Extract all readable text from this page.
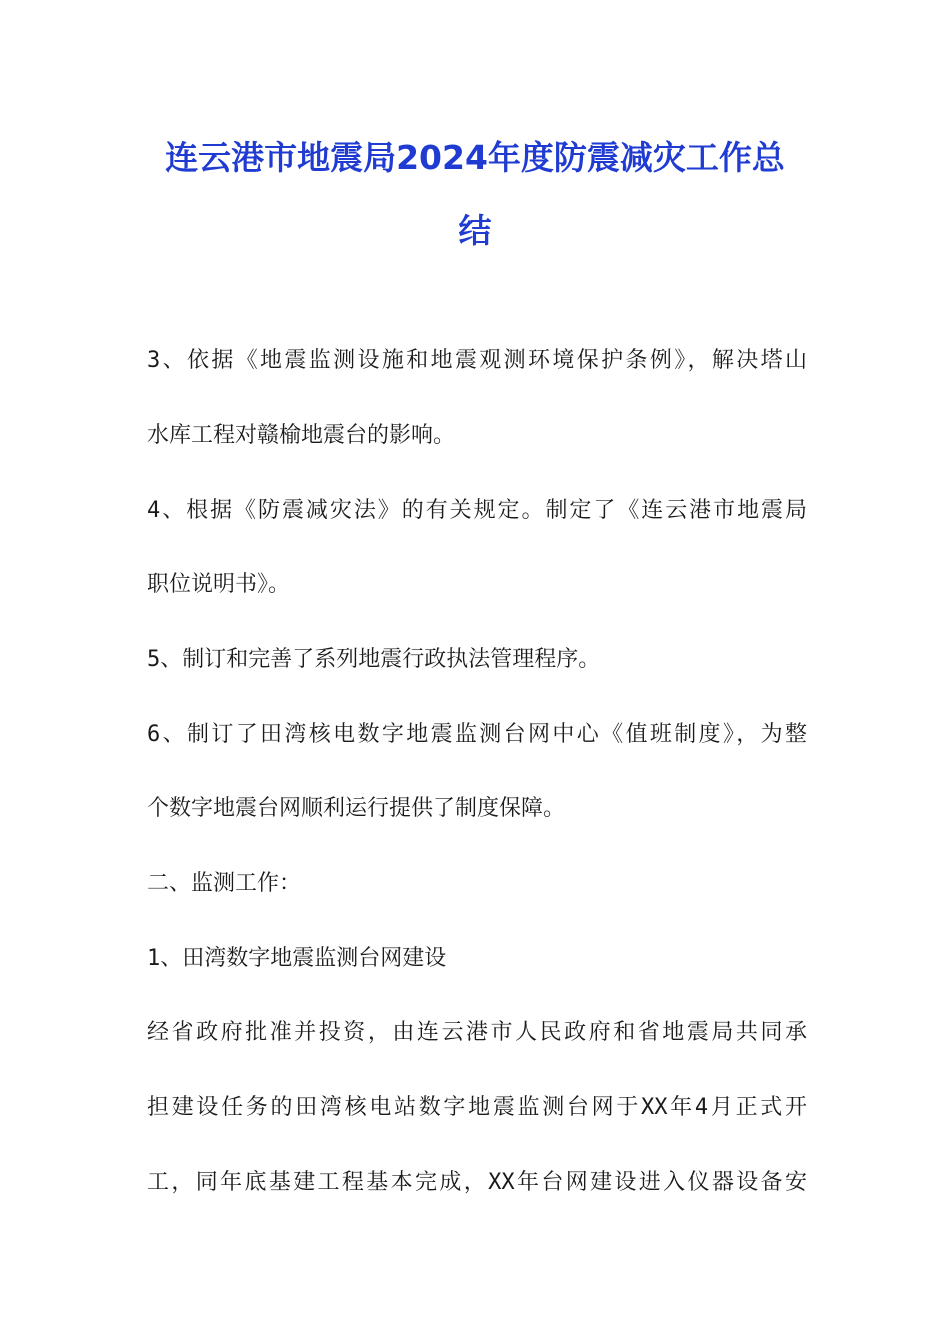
连云港市地震局2024年度防震减灾工作总
结
3、依据《地震监测设施和地震观测环境保护条例》，解决塔山
水库工程对赣榆地震台的影响。
4、根据《防震减灾法》的有关规定。制定了《连云港市地震局
职位说明书》。
5、制订和完善了系列地震行政执法管理程序。
6、制订了田湾核电数字地震监测台网中心《值班制度》，为整
个数字地震台网顺利运行提供了制度保障。
二、监测工作：
1、田湾数字地震监测台网建设
经省政府批准并投资，由连云港市人民政府和省地震局共同承
担建设任务的田湾核电站数字地震监测台网于XX年4月正式开
工，同年底基建工程基本完成，XX年台网建设进入仪器设备安
